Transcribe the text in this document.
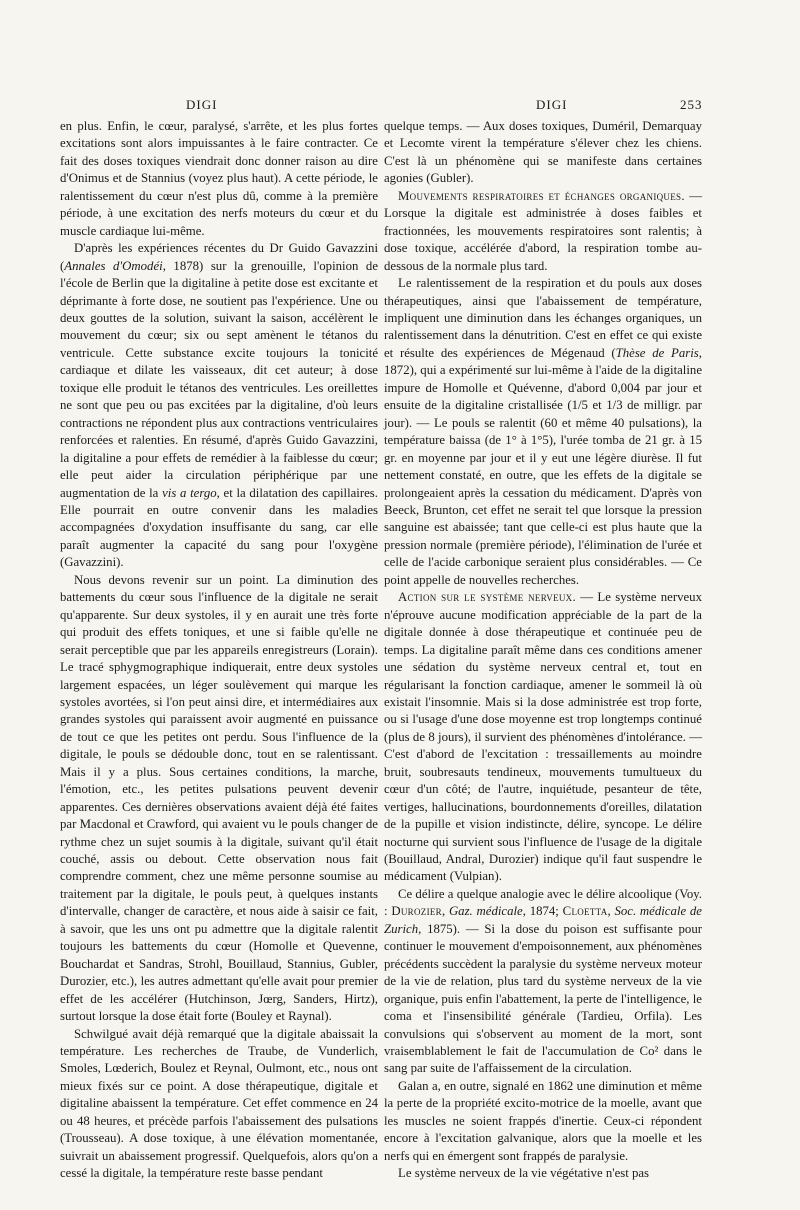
DIGI	DIGI	253

en plus. Enfin, le cœur, paralysé, s'arrête, et les plus fortes excitations sont alors impuissantes à le faire contracter. Ce fait des doses toxiques viendrait donc donner raison au dire d'Onimus et de Stannius (voyez plus haut). A cette période, le ralentissement du cœur n'est plus dû, comme à la première période, à une excitation des nerfs moteurs du cœur et du muscle cardiaque lui-même.

D'après les expériences récentes du Dr Guido Gavazzini (Annales d'Omodéi, 1878) sur la grenouille, l'opinion de l'école de Berlin que la digitaline à petite dose est excitante et déprimante à forte dose, ne soutient pas l'expérience. Une ou deux gouttes de la solution, suivant la saison, accélèrent le mouvement du cœur; six ou sept amènent le tétanos du ventricule. Cette substance excite toujours la tonicité cardiaque et dilate les vaisseaux, dit cet auteur; à dose toxique elle produit le tétanos des ventricules. Les oreillettes ne sont que peu ou pas excitées par la digitaline, d'où leurs contractions ne répondent plus aux contractions ventriculaires renforcées et ralenties. En résumé, d'après Guido Gavazzini, la digitaline a pour effets de remédier à la faiblesse du cœur; elle peut aider la circulation périphérique par une augmentation de la vis a tergo, et la dilatation des capillaires. Elle pourrait en outre convenir dans les maladies accompagnées d'oxydation insuffisante du sang, car elle paraît augmenter la capacité du sang pour l'oxygène (Gavazzini).

Nous devons revenir sur un point. La diminution des battements du cœur sous l'influence de la digitale ne serait qu'apparente. Sur deux systoles, il y en aurait une très forte qui produit des effets toniques, et une si faible qu'elle ne serait perceptible que par les appareils enregistreurs (Lorain). Le tracé sphygmographique indiquerait, entre deux systoles largement espacées, un léger soulèvement qui marque les systoles avortées, si l'on peut ainsi dire, et intermédiaires aux grandes systoles qui paraissent avoir augmenté en puissance de tout ce que les petites ont perdu. Sous l'influence de la digitale, le pouls se dédouble donc, tout en se ralentissant. Mais il y a plus. Sous certaines conditions, la marche, l'émotion, etc., les petites pulsations peuvent devenir apparentes. Ces dernières observations avaient déjà été faites par Macdonal et Crawford, qui avaient vu le pouls changer de rythme chez un sujet soumis à la digitale, suivant qu'il était couché, assis ou debout. Cette observation nous fait comprendre comment, chez une même personne soumise au traitement par la digitale, le pouls peut, à quelques instants d'intervalle, changer de caractère, et nous aide à saisir ce fait, à savoir, que les uns ont pu admettre que la digitale ralentit toujours les battements du cœur (Homolle et Quevenne, Bouchardat et Sandras, Strohl, Bouillaud, Stannius, Gubler, Durozier, etc.), les autres admettant qu'elle avait pour premier effet de les accélérer (Hutchinson, Jœrg, Sanders, Hirtz), surtout lorsque la dose était forte (Bouley et Raynal).

Schwilgué avait déjà remarqué que la digitale abaissait la température. Les recherches de Traube, de Vunderlich, Smoles, Lœderich, Boulez et Reynal, Oulmont, etc., nous ont mieux fixés sur ce point. A dose thérapeutique, digitale et digitaline abaissent la température. Cet effet commence en 24 ou 48 heures, et précède parfois l'abaissement des pulsations (Trousseau). A dose toxique, à une élévation momentanée, suivrait un abaissement progressif. Quelquefois, alors qu'on a cessé la digitale, la température reste basse pendant

quelque temps. — Aux doses toxiques, Duméril, Demarquay et Lecomte virent la température s'élever chez les chiens. C'est là un phénomène qui se manifeste dans certaines agonies (Gubler).

Mouvements respiratoires et échanges organiques. — Lorsque la digitale est administrée à doses faibles et fractionnées, les mouvements respiratoires sont ralentis; à dose toxique, accélérée d'abord, la respiration tombe au-dessous de la normale plus tard.

Le ralentissement de la respiration et du pouls aux doses thérapeutiques, ainsi que l'abaissement de température, impliquent une diminution dans les échanges organiques, un ralentissement dans la dénutrition. C'est en effet ce qui existe et résulte des expériences de Mégenaud (Thèse de Paris, 1872), qui a expérimenté sur lui-même à l'aide de la digitaline impure de Homolle et Quévenne, d'abord 0,004 par jour et ensuite de la digitaline cristallisée (1/5 et 1/3 de milligr. par jour). — Le pouls se ralentit (60 et même 40 pulsations), la température baissa (de 1° à 1°5), l'urée tomba de 21 gr. à 15 gr. en moyenne par jour et il y eut une légère diurèse. Il fut nettement constaté, en outre, que les effets de la digitale se prolongeaient après la cessation du médicament. D'après von Beeck, Brunton, cet effet ne serait tel que lorsque la pression sanguine est abaissée; tant que celle-ci est plus haute que la pression normale (première période), l'élimination de l'urée et celle de l'acide carbonique seraient plus considérables. — Ce point appelle de nouvelles recherches.

Action sur le système nerveux. — Le système nerveux n'éprouve aucune modification appréciable de la part de la digitale donnée à dose thérapeutique et continuée peu de temps. La digitaline paraît même dans ces conditions amener une sédation du système nerveux central et, tout en régularisant la fonction cardiaque, amener le sommeil là où existait l'insomnie. Mais si la dose administrée est trop forte, ou si l'usage d'une dose moyenne est trop longtemps continué (plus de 8 jours), il survient des phénomènes d'intolérance. — C'est d'abord de l'excitation : tressaillements au moindre bruit, soubresauts tendineux, mouvements tumultueux du cœur d'un côté; de l'autre, inquiétude, pesanteur de tête, vertiges, hallucinations, bourdonnements d'oreilles, dilatation de la pupille et vision indistincte, délire, syncope. Le délire nocturne qui survient sous l'influence de l'usage de la digitale (Bouillaud, Andral, Durozier) indique qu'il faut suspendre le médicament (Vulpian).

Ce délire a quelque analogie avec le délire alcoolique (Voy. : Durozier, Gaz. médicale, 1874; Cloetta, Soc. médicale de Zurich, 1875). — Si la dose du poison est suffisante pour continuer le mouvement d'empoisonnement, aux phénomènes précédents succèdent la paralysie du système nerveux moteur de la vie de relation, plus tard du système nerveux de la vie organique, puis enfin l'abattement, la perte de l'intelligence, le coma et l'insensibilité générale (Tardieu, Orfila). Les convulsions qui s'observent au moment de la mort, sont vraisemblablement le fait de l'accumulation de Co² dans le sang par suite de l'affaissement de la circulation.

Galan a, en outre, signalé en 1862 une diminution et même la perte de la propriété excito-motrice de la moelle, avant que les muscles ne soient frappés d'inertie. Ceux-ci répondent encore à l'excitation galvanique, alors que la moelle et les nerfs qui en émergent sont frappés de paralysie.

Le système nerveux de la vie végétative n'est pas
